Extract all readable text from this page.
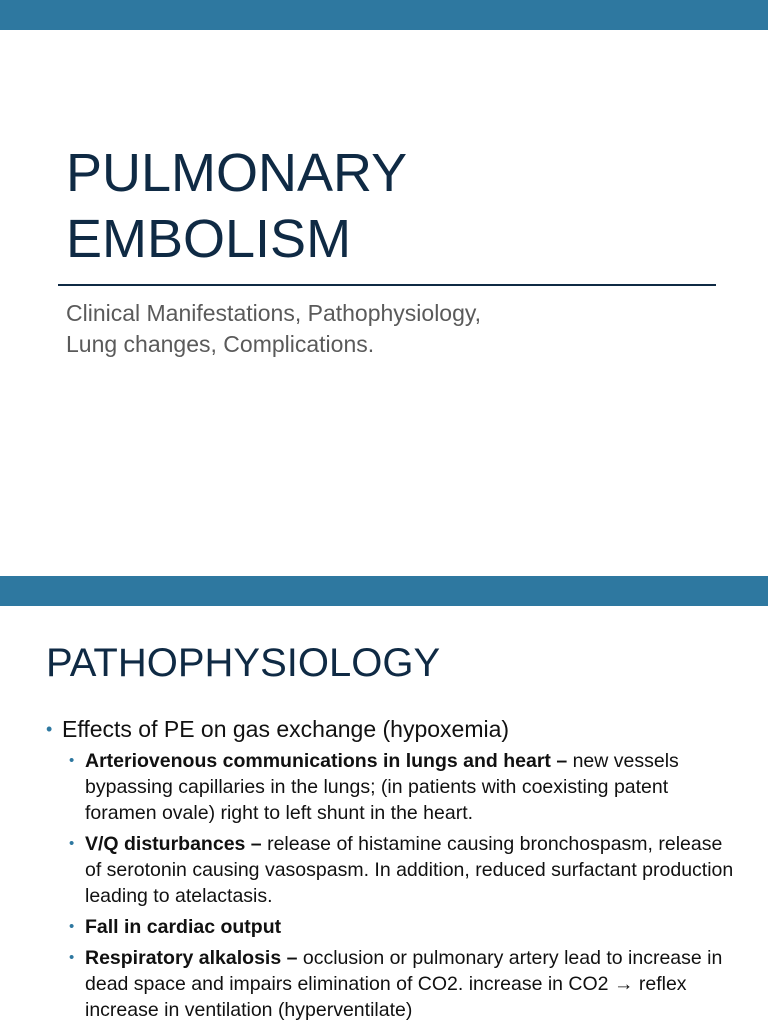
PULMONARY
EMBOLISM
Clinical Manifestations, Pathophysiology,
Lung changes, Complications.
PATHOPHYSIOLOGY
• Effects of PE on gas exchange (hypoxemia)
• Arteriovenous communications in lungs and heart – new vessels bypassing capillaries in the lungs; (in patients with coexisting patent foramen ovale) right to left shunt in the heart.
• V/Q disturbances – release of histamine causing bronchospasm, release of serotonin causing vasospasm. In addition, reduced surfactant production leading to atelactasis.
• Fall in cardiac output
• Respiratory alkalosis – occlusion or pulmonary artery lead to increase in dead space and impairs elimination of CO2. increase in CO2 → reflex increase in ventilation (hyperventilate)
